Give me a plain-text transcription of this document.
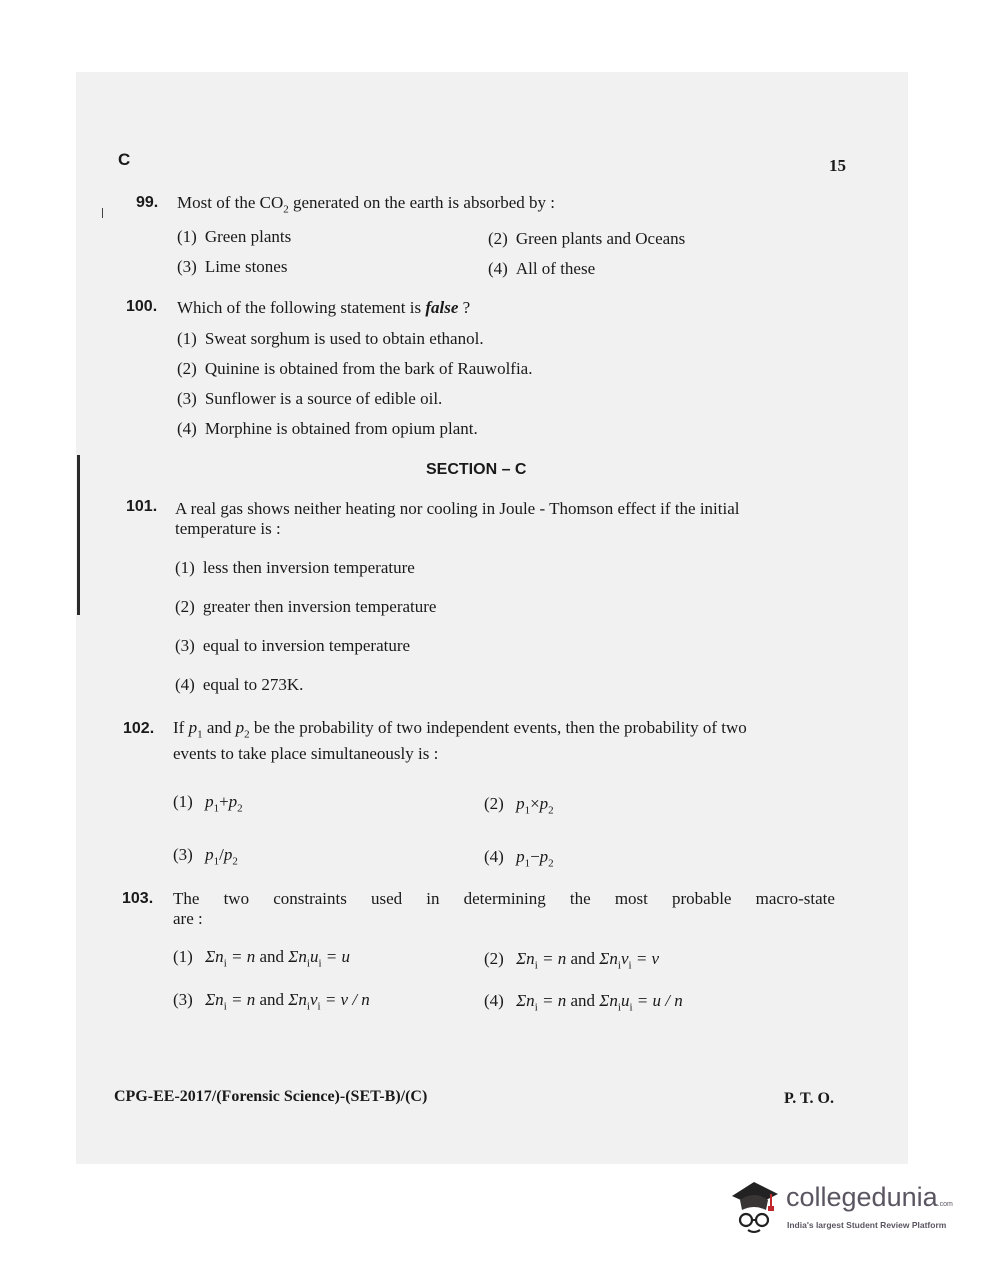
C	15
99. Most of the $CO_2$ generated on the earth is absorbed by :
(1) Green plants	(2) Green plants and Oceans
(3) Lime stones	(4) All of these
100. Which of the following statement is false ?
(1) Sweat sorghum is used to obtain ethanol.
(2) Quinine is obtained from the bark of Rauwolfia.
(3) Sunflower is a source of edible oil.
(4) Morphine is obtained from opium plant.
SECTION – C
101. A real gas shows neither heating nor cooling in Joule - Thomson effect if the initial
temperature is :
(1) less then inversion temperature
(2) greater then inversion temperature
(3) equal to inversion temperature
(4) equal to 273K.
102. If $p_1$ and $p_2$ be the probability of two independent events, then the probability of two
events to take place simultaneously is :
(1) $p_1+p_2$	(2) $p_1\times p_2$
(3) $p_1/p_2$	(4) $p_1-p_2$
103. The two constraints used in determining the most probable macro-state
are :
(1) $\Sigma n_i = n$ and $\Sigma n_iu_i = u$	(2) $\Sigma n_i = n$ and $\Sigma n_iv_i = v$
(3) $\Sigma n_i = n$ and $\Sigma n_iv_i = v / n$	(4) $\Sigma n_i = n$ and $\Sigma n_iu_i = u / n$
CPG-EE-2017/(Forensic Science)-(SET-B)/(C)	P. T. O.
collegedunia.com
India's largest Student Review Platform
